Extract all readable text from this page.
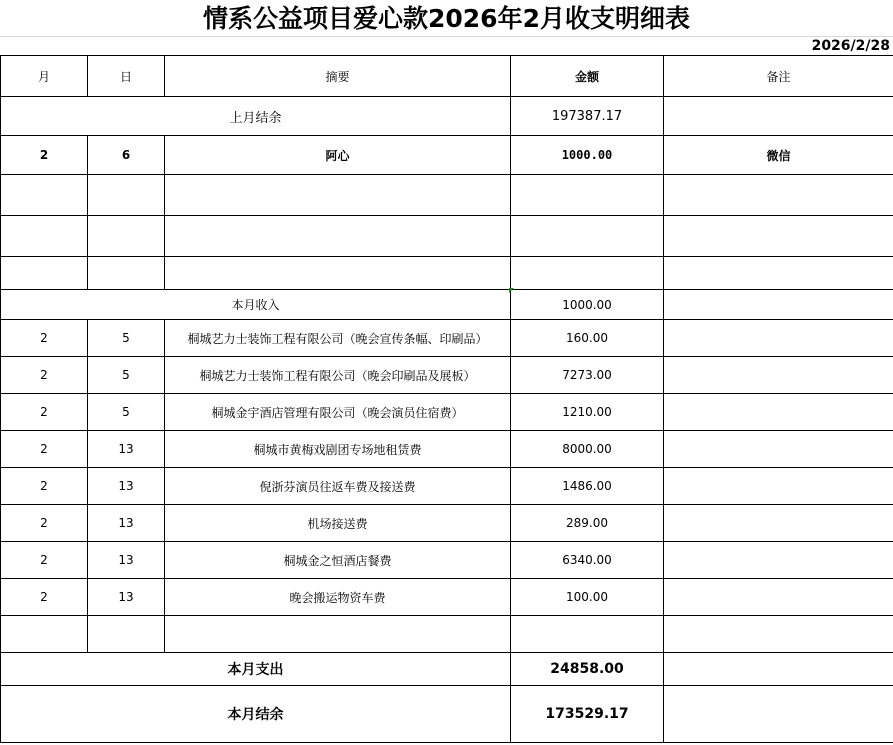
情系公益项目爱心款2026年2月收支明细表
2026/2/28
月	日	摘要	金额	备注
上月结余			197387.17	
2	6	阿心	1000.00	微信

本月收入			1000.00	
2	5	桐城艺力士装饰工程有限公司（晚会宣传条幅、印刷品）	160.00	
2	5	桐城艺力士装饰工程有限公司（晚会印刷品及展板）	7273.00	
2	5	桐城金宇酒店管理有限公司（晚会演员住宿费）	1210.00	
2	13	桐城市黄梅戏剧团专场地租赁费	8000.00	
2	13	倪浙芬演员往返车费及接送费	1486.00	
2	13	机场接送费	289.00	
2	13	桐城金之恒酒店餐费	6340.00	
2	13	晚会搬运物资车费	100.00	

本月支出			24858.00	
本月结余			173529.17	
